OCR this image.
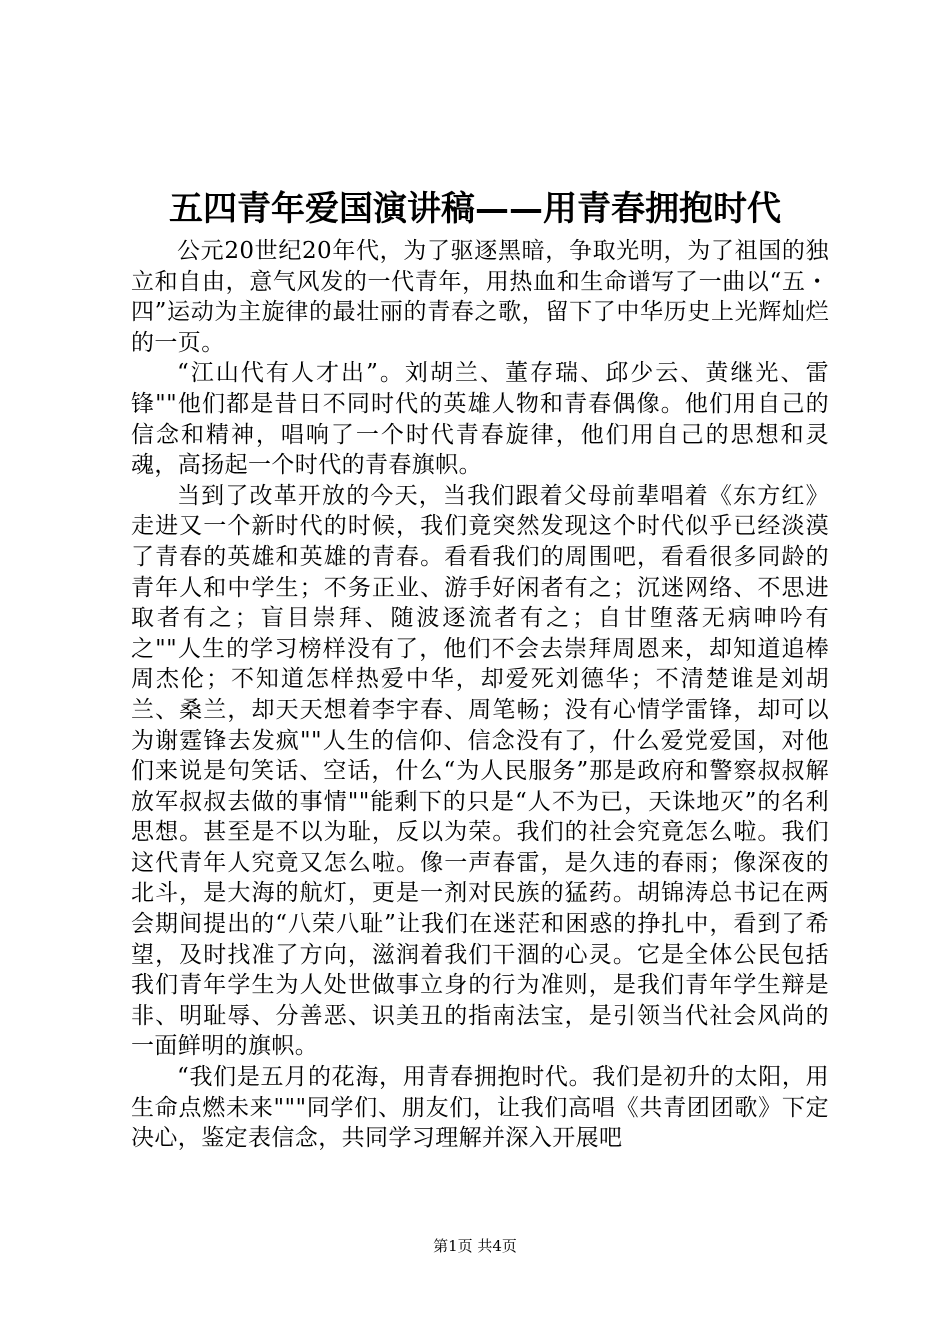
五四青年爱国演讲稿——用青春拥抱时代

公元20世纪20年代，为了驱逐黑暗，争取光明，为了祖国的独立和自由，意气风发的一代青年，用热血和生命谱写了一曲以“五・四”运动为主旋律的最壮丽的青春之歌，留下了中华历史上光辉灿烂的一页。

“江山代有人才出”。刘胡兰、董存瑞、邱少云、黄继光、雷锋""他们都是昔日不同时代的英雄人物和青春偶像。他们用自己的信念和精神，唱响了一个时代青春旋律，他们用自己的思想和灵魂，高扬起一个时代的青春旗帜。

当到了改革开放的今天，当我们跟着父母前辈唱着《东方红》走进又一个新时代的时候，我们竟突然发现这个时代似乎已经淡漠了青春的英雄和英雄的青春。看看我们的周围吧，看看很多同龄的青年人和中学生；不务正业、游手好闲者有之；沉迷网络、不思进取者有之；盲目崇拜、随波逐流者有之；自甘堕落无病呻吟有之""人生的学习榜样没有了，他们不会去崇拜周恩来，却知道追棒周杰伦；不知道怎样热爱中华，却爱死刘德华；不清楚谁是刘胡兰、桑兰，却天天想着李宇春、周笔畅；没有心情学雷锋，却可以为谢霆锋去发疯""人生的信仰、信念没有了，什么爱党爱国，对他们来说是句笑话、空话，什么“为人民服务”那是政府和警察叔叔解放军叔叔去做的事情""能剩下的只是“人不为已，天诛地灭”的名利思想。甚至是不以为耻，反以为荣。我们的社会究竟怎么啦。我们这代青年人究竟又怎么啦。像一声春雷，是久违的春雨；像深夜的北斗，是大海的航灯，更是一剂对民族的猛药。胡锦涛总书记在两会期间提出的“八荣八耻”让我们在迷茫和困惑的挣扎中，看到了希望，及时找准了方向，滋润着我们干涸的心灵。它是全体公民包括我们青年学生为人处世做事立身的行为准则，是我们青年学生辩是非、明耻辱、分善恶、识美丑的指南法宝，是引领当代社会风尚的一面鲜明的旗帜。

“我们是五月的花海，用青春拥抱时代。我们是初升的太阳，用生命点燃未来"""同学们、朋友们，让我们高唱《共青团团歌》下定决心，鉴定表信念，共同学习理解并深入开展吧

第1页 共4页
